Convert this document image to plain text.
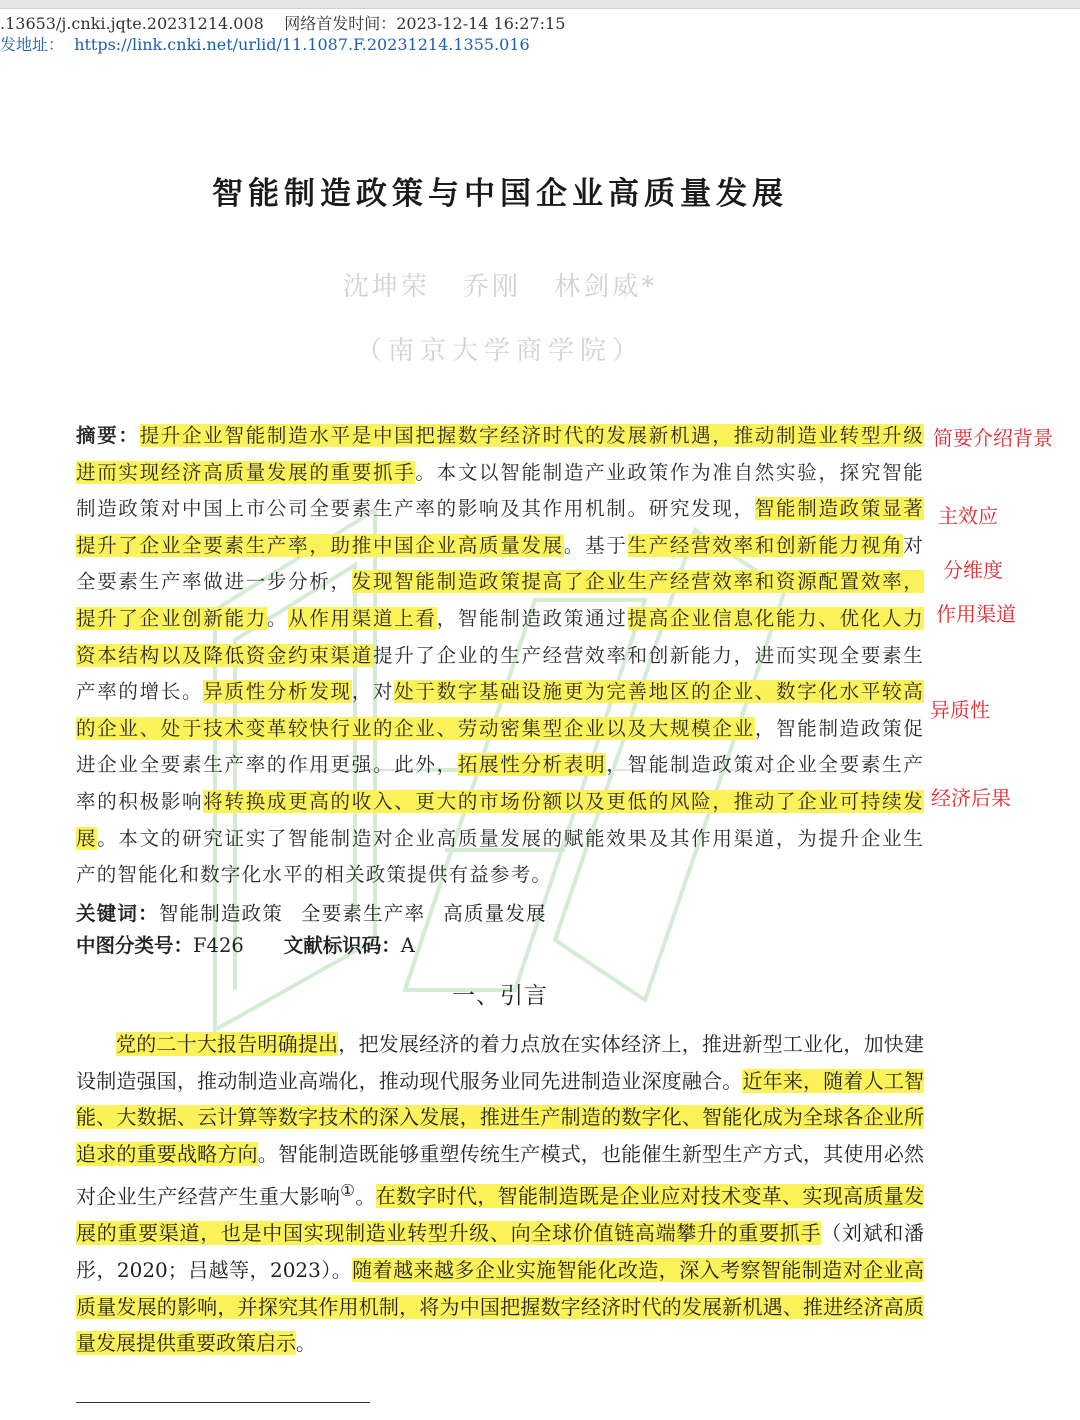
.13653/j.cnki.jqte.20231214.008 网络首发时间：2023-12-14 16:27:15
发地址： https://link.cnki.net/urlid/11.1087.F.20231214.1355.016
智能制造政策与中国企业高质量发展
沈坤荣 乔刚 林剑威*
（南京大学商学院）
摘要：提升企业智能制造水平是中国把握数字经济时代的发展新机遇，推动制造业转型升级进而实现经济高质量发展的重要抓手。本文以智能制造产业政策作为准自然实验，探究智能制造政策对中国上市公司全要素生产率的影响及其作用机制。研究发现，智能制造政策显著提升了企业全要素生产率，助推中国企业高质量发展。基于生产经营效率和创新能力视角对全要素生产率做进一步分析，发现智能制造政策提高了企业生产经营效率和资源配置效率，提升了企业创新能力。从作用渠道上看，智能制造政策通过提高企业信息化能力、优化人力资本结构以及降低资金约束渠道提升了企业的生产经营效率和创新能力，进而实现全要素生产率的增长。异质性分析发现，对处于数字基础设施更为完善地区的企业、数字化水平较高的企业、处于技术变革较快行业的企业、劳动密集型企业以及大规模企业，智能制造政策促进企业全要素生产率的作用更强。此外，拓展性分析表明，智能制造政策对企业全要素生产率的积极影响将转换成更高的收入、更大的市场份额以及更低的风险，推动了企业可持续发展。本文的研究证实了智能制造对企业高质量发展的赋能效果及其作用渠道，为提升企业生产的智能化和数字化水平的相关政策提供有益参考。
简要介绍背景
主效应
分维度
作用渠道
异质性
经济后果
关键词：智能制造政策 全要素生产率 高质量发展
中图分类号：F426 文献标识码：A
一、引言
党的二十大报告明确提出，把发展经济的着力点放在实体经济上，推进新型工业化，加快建设制造强国，推动制造业高端化，推动现代服务业同先进制造业深度融合。近年来，随着人工智能、大数据、云计算等数字技术的深入发展，推进生产制造的数字化、智能化成为全球各企业所追求的重要战略方向。智能制造既能够重塑传统生产模式，也能催生新型生产方式，其使用必然对企业生产经营产生重大影响①。在数字时代，智能制造既是企业应对技术变革、实现高质量发展的重要渠道，也是中国实现制造业转型升级、向全球价值链高端攀升的重要抓手（刘斌和潘彤，2020；吕越等，2023）。随着越来越多企业实施智能化改造，深入考察智能制造对企业高质量发展的影响，并探究其作用机制，将为中国把握数字经济时代的发展新机遇、推进经济高质量发展提供重要政策启示。
